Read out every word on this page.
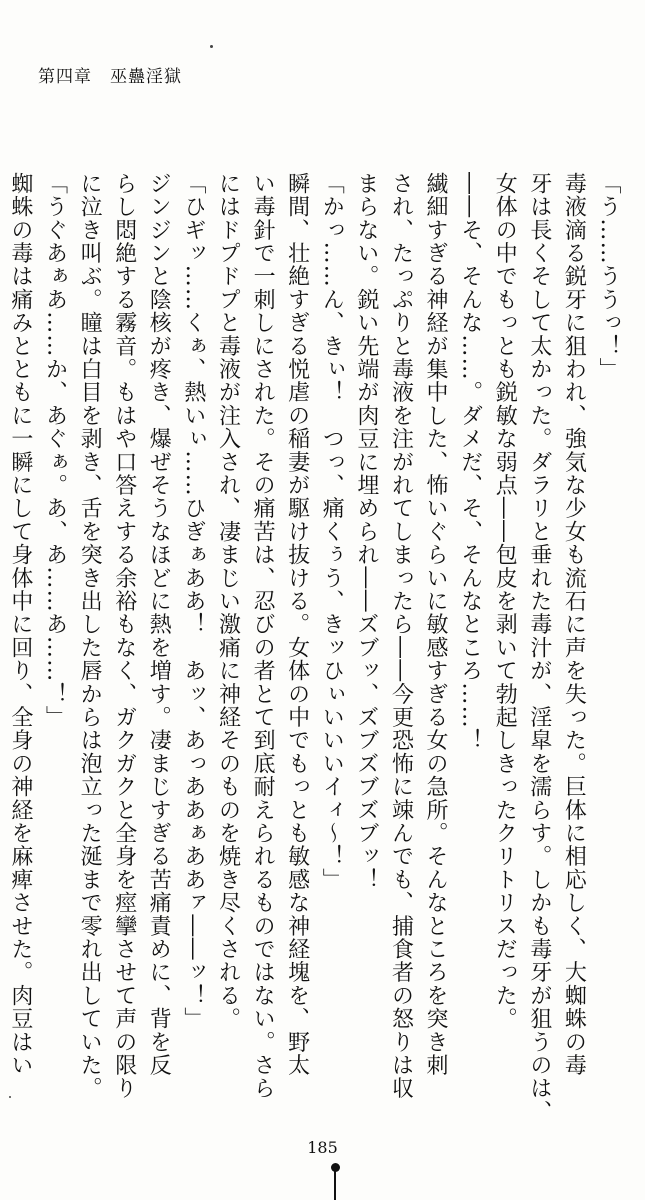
第四章 巫蠱淫獄
「う……ううっ！」
毒液滴る鋭牙に狙われ、強気な少女も流石に声を失った。巨体に相応しく、大蜘蛛の毒
牙は長くそして太かった。ダラリと垂れた毒汁が、淫皐を濡らす。しかも毒牙が狙うのは、
女体の中でもっとも鋭敏な弱点――包皮を剥いて勃起しきったクリトリスだった。
――そ、そんな……。ダメだ、そ、そんなところ……！
繊細すぎる神経が集中した、怖いぐらいに敏感すぎる女の急所。そんなところを突き刺
され、たっぷりと毒液を注がれてしまったら――今更恐怖に竦んでも、捕食者の怒りは収
まらない。鋭い先端が肉豆に埋められ――ズブッ、ズブズブズブッ！
「かっ……ん、きぃ！　つっ、痛くぅう、きッひぃいいいイィ～！」
瞬間、壮絶すぎる悦虐の稲妻が駆け抜ける。女体の中でもっとも敏感な神経塊を、野太
い毒針で一刺しにされた。その痛苦は、忍びの者とて到底耐えられるものではない。さら
にはドプドプと毒液が注入され、凄まじい激痛に神経そのものを焼き尽くされる。
「ひギッ……くぁ、熱いぃ……ひぎぁああ！　あッ、あっああぁああァ――ッ！」
ジンジンと陰核が疼き、爆ぜそうなほどに熱を増す。凄まじすぎる苦痛責めに、背を反
らし悶絶する霧音。もはや口答えする余裕もなく、ガクガクと全身を痙攣させて声の限り
に泣き叫ぶ。瞳は白目を剥き、舌を突き出した唇からは泡立った涎まで零れ出していた。
「うぐあぁあ……か、あぐぁ。あ、あ……あ……！」
蜘蛛の毒は痛みとともに一瞬にして身体中に回り、全身の神経を麻痺させた。肉豆はい
185
